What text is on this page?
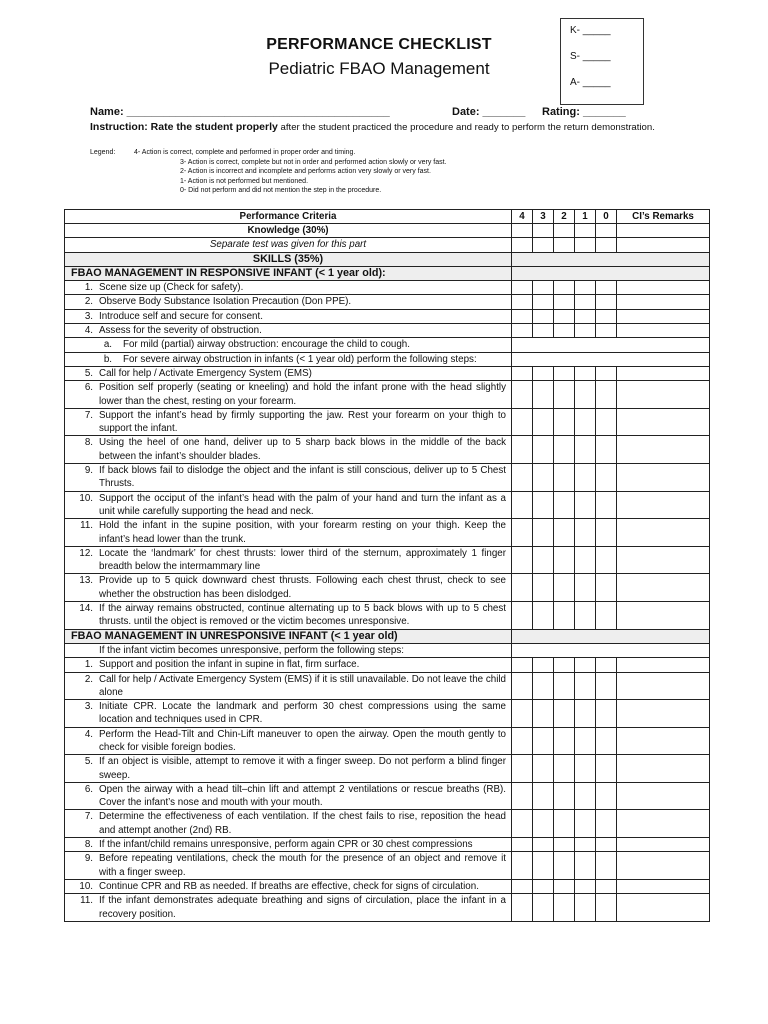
K- _____
S- _____
A- _____
PERFORMANCE CHECKLIST
Pediatric FBAO Management
Name: ___________________________________________	Date: _______ Rating: _______
Instruction: Rate the student properly after the student practiced the procedure and ready to perform the return demonstration.
Legend:	4- Action is correct, complete and performed in proper order and timing.
3- Action is correct, complete but not in order and performed action slowly or very fast.
2- Action is incorrect and incomplete and performs action very slowly or very fast.
1- Action is not performed but mentioned.
0- Did not perform and did not mention the step in the procedure.
Performance Criteria	4	3	2	1	0	CI’s Remarks
Knowledge (30%)						
Separate test was given for this part						
SKILLS (35%)						
FBAO MANAGEMENT IN RESPONSIVE INFANT (< 1 year old):						

1. Scene size up (Check for safety).						

2. Observe Body Substance Isolation Precaution (Don PPE).						

3. Introduce self and secure for consent.						

4. Assess for the severity of obstruction.						

a. For mild (partial) airway obstruction: encourage the child to cough.						

b. For severe airway obstruction in infants (< 1 year old) perform the following steps:						

5. Call for help / Activate Emergency System (EMS)						

6. Position self properly (seating or kneeling) and hold the infant prone with the head slightly lower than the chest, resting on your forearm.						

7. Support the infant’s head by firmly supporting the jaw. Rest your forearm on your thigh to support the infant.						

8. Using the heel of one hand, deliver up to 5 sharp back blows in the middle of the back between the infant’s shoulder blades.						

9. If back blows fail to dislodge the object and the infant is still conscious, deliver up to 5 Chest Thrusts.						

10. Support the occiput of the infant’s head with the palm of your hand and turn the infant as a unit while carefully supporting the head and neck.						

11. Hold the infant in the supine position, with your forearm resting on your thigh. Keep the infant’s head lower than the trunk.						

12. Locate the ‘landmark’ for chest thrusts: lower third of the sternum, approximately 1 finger breadth below the intermammary line						

13. Provide up to 5 quick downward chest thrusts. Following each chest thrust, check to see whether the obstruction has been dislodged.						

14. If the airway remains obstructed, continue alternating up to 5 back blows with up to 5 chest thrusts. until the object is removed or the victim becomes unresponsive.						

FBAO MANAGEMENT IN UNRESPONSIVE INFANT (< 1 year old)						
If the infant victim becomes unresponsive, perform the following steps:						

1. Support and position the infant in supine in flat, firm surface.						

2. Call for help / Activate Emergency System (EMS) if it is still unavailable. Do not leave the child alone						

3. Initiate CPR. Locate the landmark and perform 30 chest compressions using the same location and techniques used in CPR.						

4. Perform the Head-Tilt and Chin-Lift maneuver to open the airway. Open the mouth gently to check for visible foreign bodies.						

5. If an object is visible, attempt to remove it with a finger sweep. Do not perform a blind finger sweep.						

6. Open the airway with a head tilt–chin lift and attempt 2 ventilations or rescue breaths (RB). Cover the infant’s nose and mouth with your mouth.						

7. Determine the effectiveness of each ventilation. If the chest fails to rise, reposition the head and attempt another (2nd) RB.						

8. If the infant/child remains unresponsive, perform again CPR or 30 chest compressions						

9. Before repeating ventilations, check the mouth for the presence of an object and remove it with a finger sweep.						

10. Continue CPR and RB as needed. If breaths are effective, check for signs of circulation.						

11. If the infant demonstrates adequate breathing and signs of circulation, place the infant in a recovery position.						
